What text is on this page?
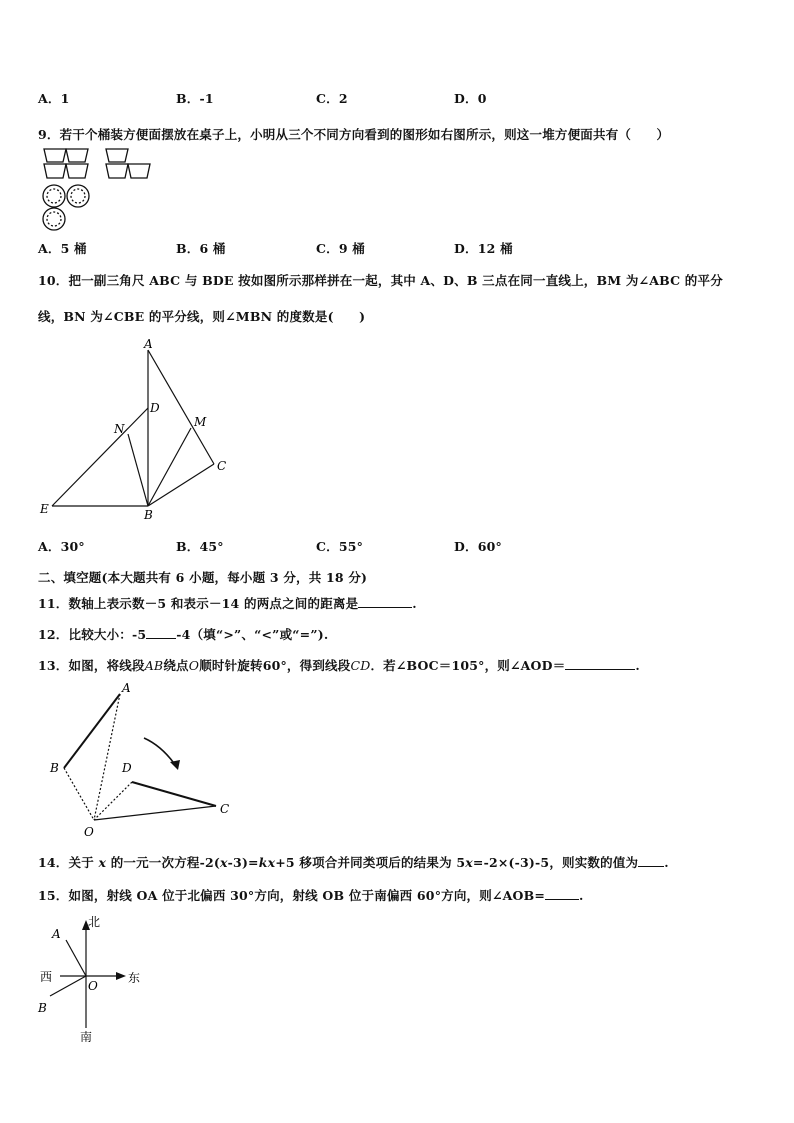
A．1	B．-1	C．2	D．0
9．若干个桶装方便面摆放在桌子上，小明从三个不同方向看到的图形如右图所示，则这一堆方便面共有（　　）
A．5 桶	B．6 桶	C．9 桶	D．12 桶
10．把一副三角尺 ABC 与 BDE 按如图所示那样拼在一起，其中 A、D、B 三点在同一直线上，BM 为∠ABC 的平分
线，BN 为∠CBE 的平分线，则∠MBN 的度数是(　　)
A
D
N	M
C
E	B
A．30°	B．45°	C．55°	D．60°
二、填空题(本大题共有 6 小题，每小题 3 分，共 18 分)
11．数轴上表示数－5 和表示－14 的两点之间的距离是	.
12．比较大小：-5 -4（填“>”、“<”或“=”).
13．如图，将线段AB绕点O顺时针旋转60°，得到线段CD．若∠BOC＝105°，则∠AOD＝	.
A
B	D
C
O
14．关于 x 的一元一次方程-2(x-3)=kx+5 移项合并同类项后的结果为 5x=-2×(-3)-5，则实数的值为 .
15．如图，射线 OA 位于北偏西 30°方向，射线 OB 位于南偏西 60°方向，则∠AOB=	.
北
东
西
南
A
B
O
